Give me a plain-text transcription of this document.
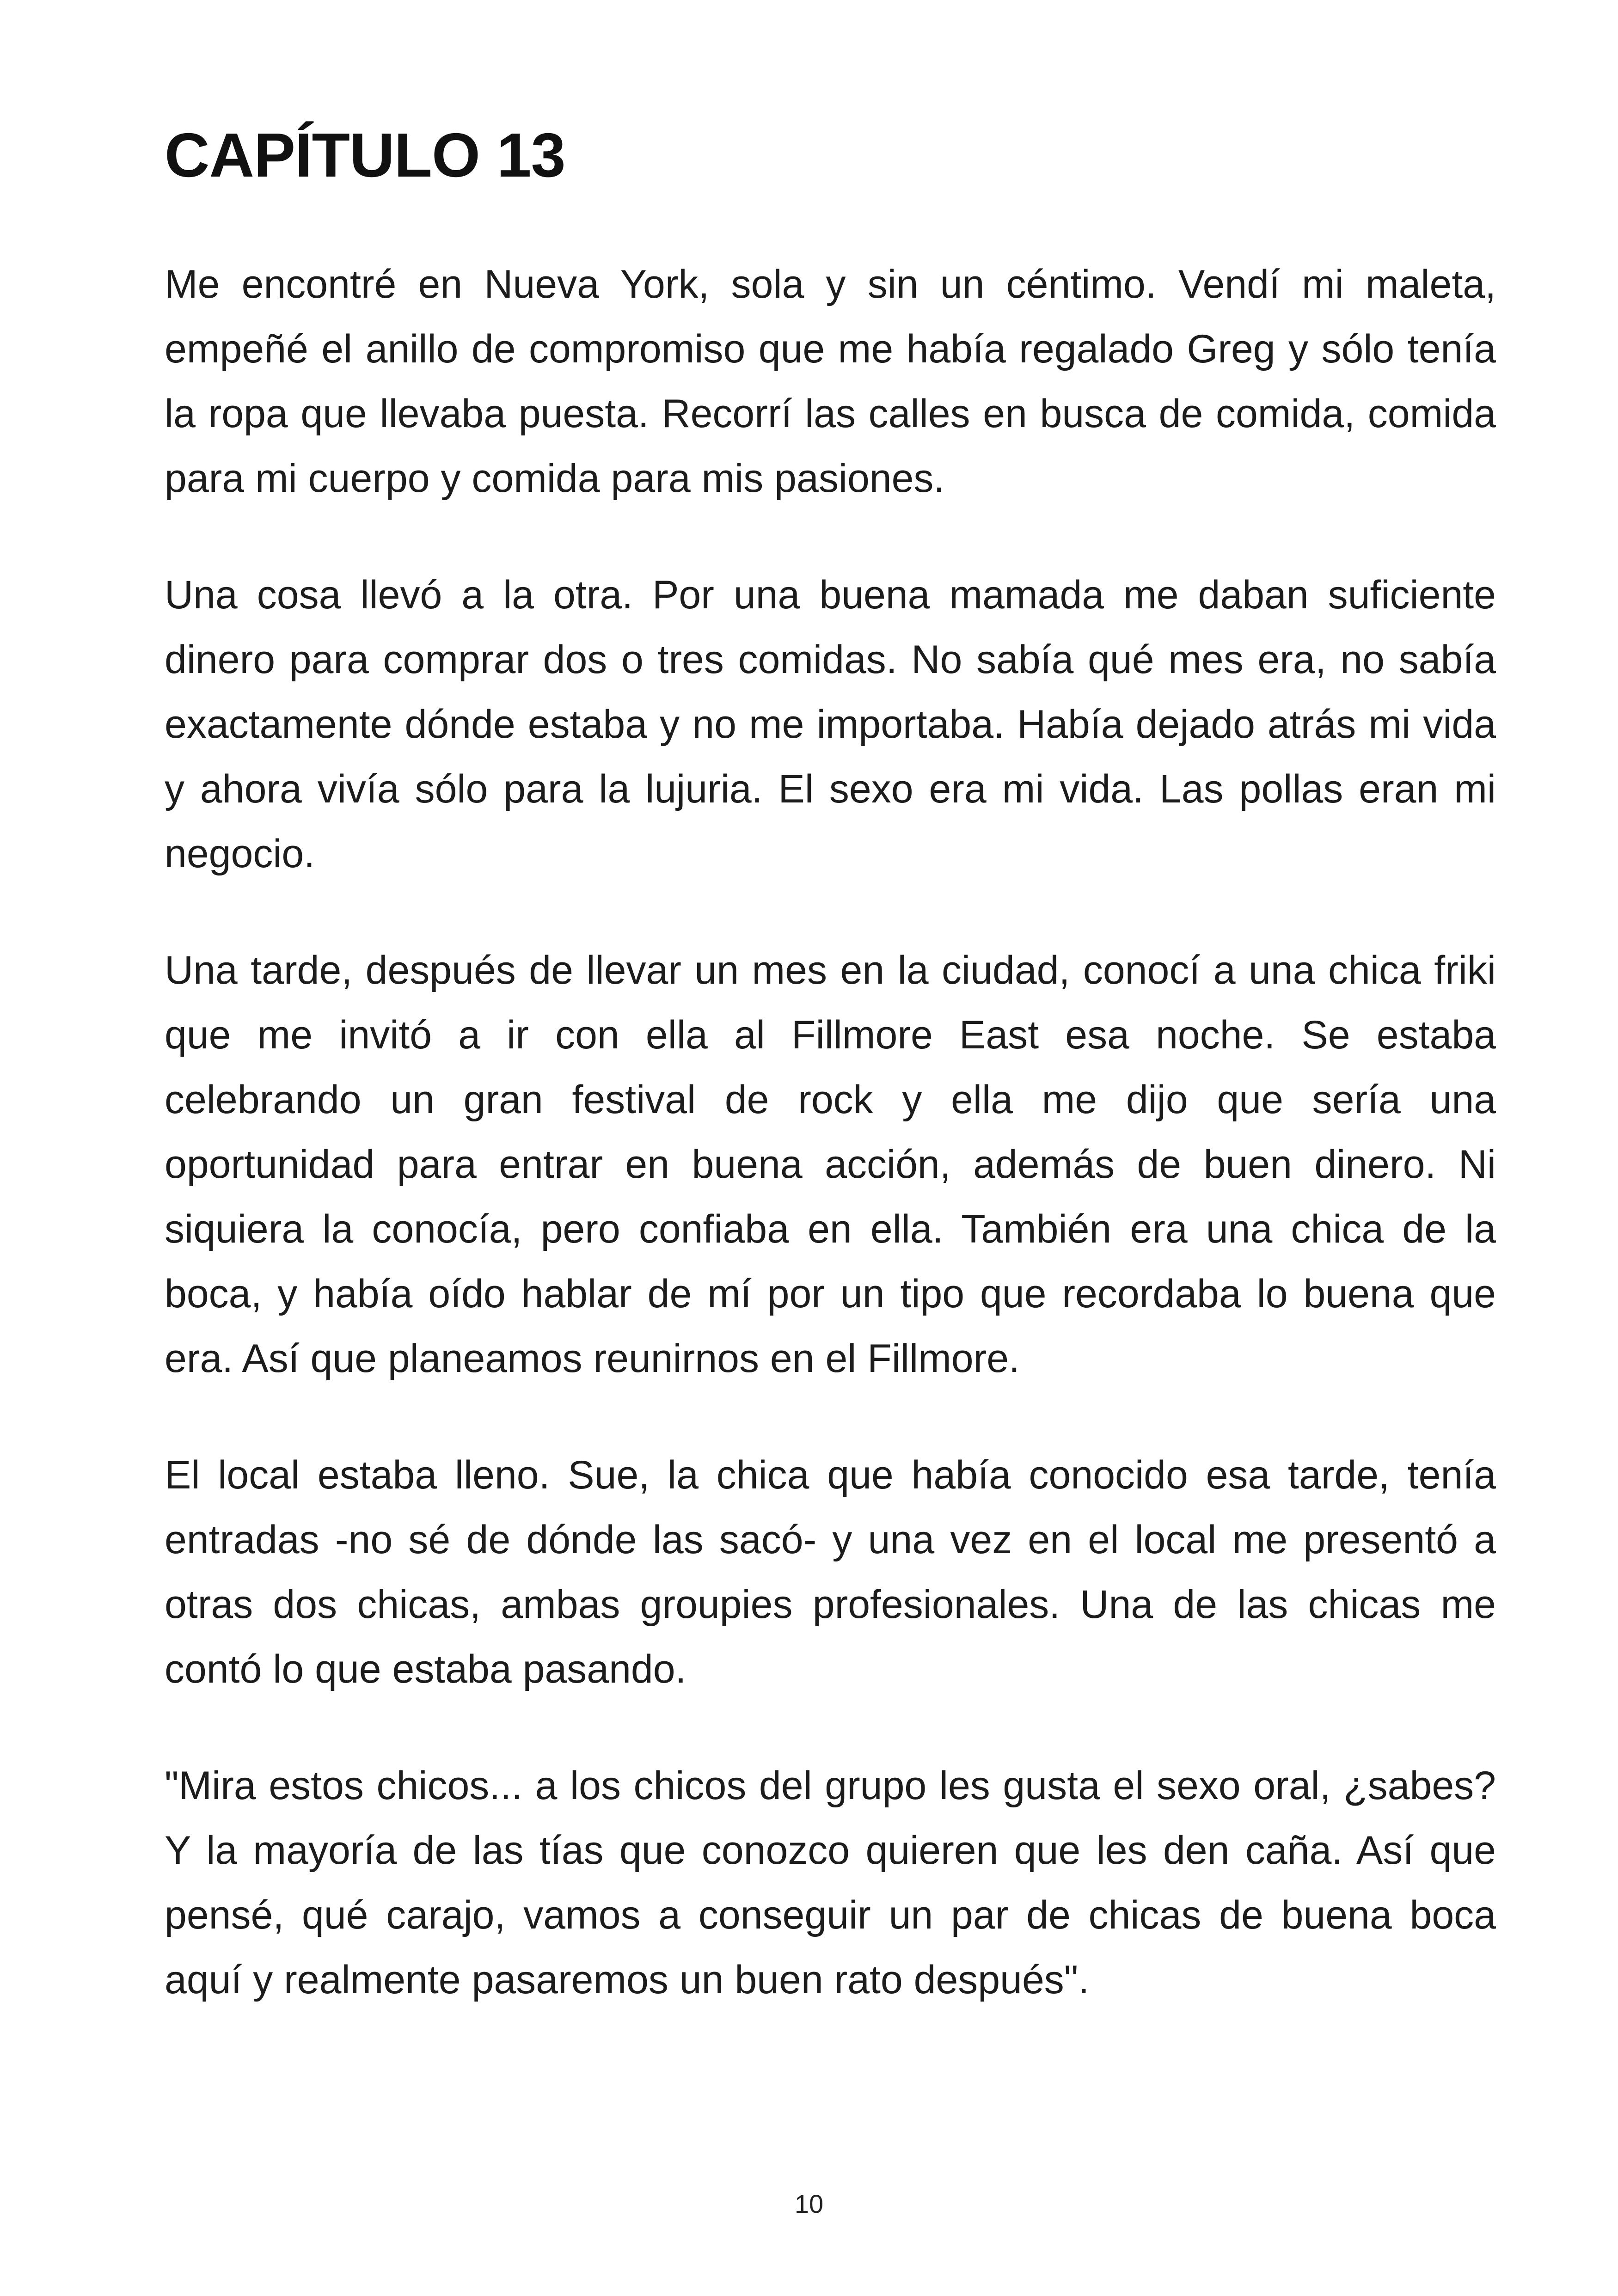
CAPÍTULO 13

Me encontré en Nueva York, sola y sin un céntimo. Vendí mi maleta, empeñé el anillo de compromiso que me había regalado Greg y sólo tenía la ropa que llevaba puesta. Recorrí las calles en busca de comida, comida para mi cuerpo y comida para mis pasiones.

Una cosa llevó a la otra. Por una buena mamada me daban suficiente dinero para comprar dos o tres comidas. No sabía qué mes era, no sabía exactamente dónde estaba y no me importaba. Había dejado atrás mi vida y ahora vivía sólo para la lujuria. El sexo era mi vida. Las pollas eran mi negocio.

Una tarde, después de llevar un mes en la ciudad, conocí a una chica friki que me invitó a ir con ella al Fillmore East esa noche. Se estaba celebrando un gran festival de rock y ella me dijo que sería una oportunidad para entrar en buena acción, además de buen dinero. Ni siquiera la conocía, pero confiaba en ella. También era una chica de la boca, y había oído hablar de mí por un tipo que recordaba lo buena que era. Así que planeamos reunirnos en el Fillmore.

El local estaba lleno. Sue, la chica que había conocido esa tarde, tenía entradas -no sé de dónde las sacó- y una vez en el local me presentó a otras dos chicas, ambas groupies profesionales. Una de las chicas me contó lo que estaba pasando.

"Mira estos chicos... a los chicos del grupo les gusta el sexo oral, ¿sabes? Y la mayoría de las tías que conozco quieren que les den caña. Así que pensé, qué carajo, vamos a conseguir un par de chicas de buena boca aquí y realmente pasaremos un buen rato después".

10
